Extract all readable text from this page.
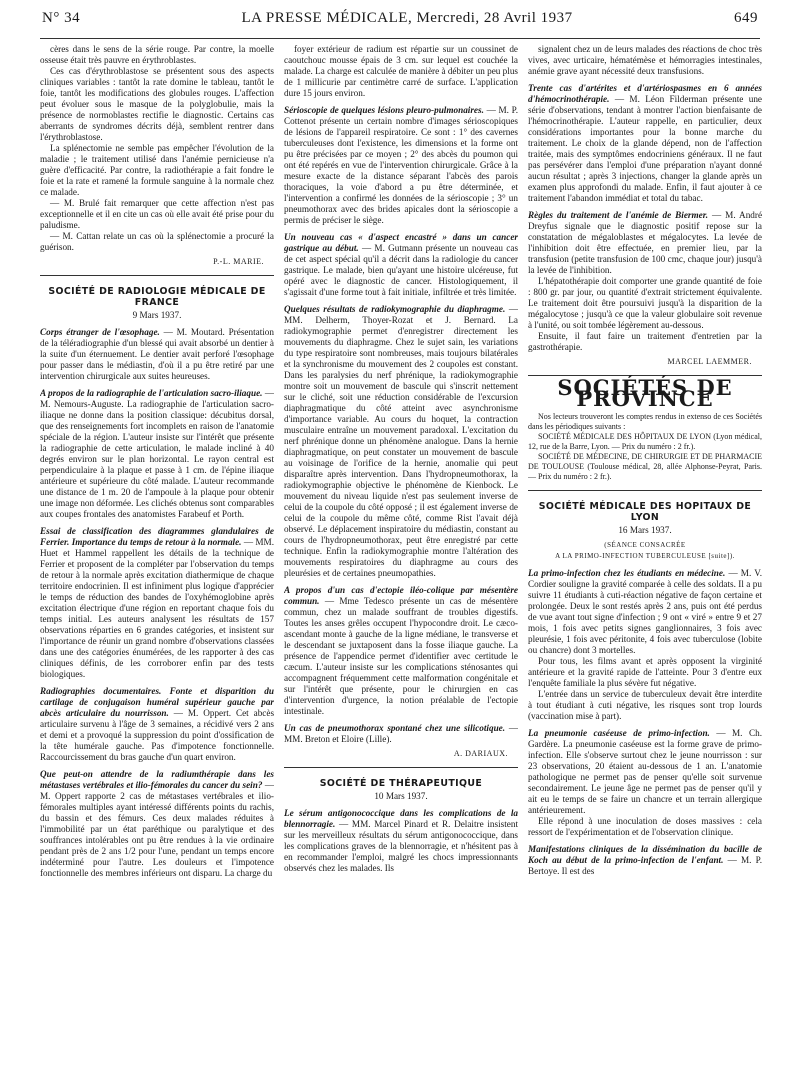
N° 34	LA PRESSE MÉDICALE, Mercredi, 28 Avril 1937	649

cères dans le sens de la série rouge. Par contre, la moelle osseuse était très pauvre en érythroblastes.

Ces cas d'érythroblastose se présentent sous des aspects cliniques variables : tantôt la rate domine le tableau, tantôt le foie, tantôt les modifications des globules rouges. L'affection peut évoluer sous le masque de la polyglobulie, mais la présence de normoblastes rectifie le diagnostic. Certains cas aberrants de syndromes décrits déjà, semblent rentrer dans l'érythroblastose.

La splénectomie ne semble pas empêcher l'évolution de la maladie ; le traitement utilisé dans l'anémie pernicieuse n'a guère d'efficacité. Par contre, la radiothérapie a fait fondre le foie et la rate et ramené la formule sanguine à la normale chez ce malade.

— M. Brulé fait remarquer que cette affection n'est pas exceptionnelle et il en cite un cas où elle avait été prise pour du paludisme.

— M. Cattan relate un cas où la splénectomie a procuré la guérison.

P.-L. MARIE.
SOCIÉTÉ DE RADIOLOGIE MÉDICALE DE FRANCE
9 Mars 1937.

Corps étranger de l'œsophage. — M. Moutard. Présentation de la téléradiographie d'un blessé qui avait absorbé un dentier à la suite d'un éternuement. Le dentier avait perforé l'œsophage pour passer dans le médiastin, d'où il a pu être retiré par une intervention chirurgicale aux suites heureuses.

A propos de la radiographie de l'articulation sacro-iliaque. — M. Nemours-Auguste. La radiographie de l'articulation sacro-iliaque ne donne dans la position classique: décubitus dorsal, que des renseignements fort incomplets en raison de l'anatomie spéciale de la région. L'auteur insiste sur l'intérêt que présente la radiographie de cette articulation, le malade incliné à 40 degrés environ sur le plan horizontal. Le rayon central est perpendiculaire à la plaque et passe à 1 cm. de l'épine iliaque antérieure et supérieure du côté malade. L'auteur recommande une distance de 1 m. 20 de l'ampoule à la plaque pour obtenir une image non déformée. Les clichés obtenus sont comparables aux coupes frontales des anatomistes Farabeuf et Porth.

Essai de classification des diagrammes glandulaires de Ferrier. Importance du temps de retour à la normale. — MM. Huet et Hammel rappellent les détails de la technique de Ferrier et proposent de la compléter par l'observation du temps de retour à la normale après excitation diathermique de chaque territoire endocrinien. Il est infiniment plus logique d'apprécier le temps de réduction des bandes de l'oxyhémoglobine après excitation électrique d'une région en reportant chaque fois du temps initial. Les auteurs analysent les résultats de 157 observations réparties en 6 grandes catégories, et insistent sur l'importance de réunir un grand nombre d'observations classées dans une des catégories énumérées, de les rapporter à des cas cliniques définis, de les corroborer enfin par des tests biologiques.

Radiographies documentaires. Fonte et disparition du cartilage de conjugaison huméral supérieur gauche par abcès articulaire du nourrisson. — M. Oppert. Cet abcès articulaire survenu à l'âge de 3 semaines, a récidivé vers 2 ans et demi et a provoqué la suppression du point d'ossification de la tête humérale gauche. Pas d'impotence fonctionnelle. Raccourcissement du bras gauche d'un quart environ.

Que peut-on attendre de la radiumthérapie dans les métastases vertébrales et ilio-fémorales du cancer du sein? — M. Oppert rapporte 2 cas de métastases vertébrales et ilio-fémorales multiples ayant intéressé différents points du rachis, du bassin et des fémurs. Ces deux malades réduites à l'immobilité par un état paréthique ou paralytique et des souffrances intolérables ont pu être rendues à la vie ordinaire pendant près de 2 ans 1/2 pour l'une, pendant un temps encore indéterminé pour l'autre. Les douleurs et l'impotence fonctionnelle des membres inférieurs ont disparu. La charge du

foyer extérieur de radium est répartie sur un coussinet de caoutchouc mousse épais de 3 cm. sur lequel est couchée la malade. La charge est calculée de manière à débiter un peu plus de 1 millicurie par centimètre carré de surface. L'application dure 15 jours environ.

Sérioscopie de quelques lésions pleuro-pulmonaires. — M. P. Cottenot présente un certain nombre d'images sérioscopiques de lésions de l'appareil respiratoire. Ce sont : 1° des cavernes tuberculeuses dont l'existence, les dimensions et la forme ont pu être précisées par ce moyen ; 2° des abcès du poumon qui ont été repérés en vue de l'intervention chirurgicale. Grâce à la mesure exacte de la distance séparant l'abcès des parois thoraciques, la voie d'abord a pu être déterminée, et l'intervention a confirmé les données de la sérioscopie ; 3° un pneumothorax avec des brides apicales dont la sérioscopie a permis de préciser le siège.

Un nouveau cas « d'aspect encastré » dans un cancer gastrique au début. — M. Gutmann présente un nouveau cas de cet aspect spécial qu'il a décrit dans la radiologie du cancer gastrique. Le malade, bien qu'ayant une histoire ulcéreuse, fut opéré avec le diagnostic de cancer. Histologiquement, il s'agissait d'une forme tout à fait initiale, infiltrée et très limitée.

Quelques résultats de radiokymographie du diaphragme. — MM. Delherm, Thoyer-Rozat et J. Bernard. La radiokymographie permet d'enregistrer directement les mouvements du diaphragme. Chez le sujet sain, les variations du type respiratoire sont nombreuses, mais toujours bilatérales et la synchronisme du mouvement des 2 coupoles est constant. Dans les paralysies du nerf phrénique, la radiokymographie montre soit un mouvement de bascule qui s'inscrit nettement sur le cliché, soit une réduction considérable de l'excursion diaphragmatique du côté atteint avec asynchronisme d'importance variable. Au cours du hoquet, la contraction musculaire entraîne un mouvement paradoxal. L'excitation du nerf phrénique donne un phénomène analogue. Dans la hernie diaphragmatique, on peut constater un mouvement de bascule au voisinage de l'orifice de la hernie, anomalie qui peut disparaître après intervention. Dans l'hydropneumothorax, la radiokymographie objective le phénomène de Kienbock. Le mouvement du niveau liquide n'est pas seulement inverse de celui de la coupole du côté opposé ; il est également inverse de celui de la coupole du même côté, comme Rist l'avait déjà observé. Le déplacement inspiratoire du médiastin, constant au cours de l'hydropneumothorax, peut être enregistré par cette technique. Enfin la radiokymographie montre l'altération des mouvements respiratoires du diaphragme au cours des pleurésies et de certaines pneumopathies.

A propos d'un cas d'ectopie iléo-colique par mésentère commun. — Mme Tedesco présente un cas de mésentère commun, chez un malade souffrant de troubles digestifs. Toutes les anses grêles occupent l'hypocondre droit. Le cæco-ascendant monte à gauche de la ligne médiane, le transverse et le descendant se juxtaposent dans la fosse iliaque gauche. La présence de l'appendice permet d'identifier avec certitude le cæcum. L'auteur insiste sur les complications sténosantes qui accompagnent fréquemment cette malformation congénitale et sur l'intérêt que présente, pour le chirurgien en cas d'intervention d'urgence, la notion préalable de l'ectopie intestinale.

Un cas de pneumothorax spontané chez une silicotique. — MM. Breton et Eloire (Lille).

A. DARIAUX.
SOCIÉTÉ DE THÉRAPEUTIQUE
10 Mars 1937.

Le sérum antigonococcique dans les complications de la blennorragie. — MM. Marcel Pinard et R. Delaitre insistent sur les merveilleux résultats du sérum antigonococcique, dans les complications graves de la blennorragie, et n'hésitent pas à en recommander l'emploi, malgré les chocs impressionnants observés chez les malades. Ils

signalent chez un de leurs malades des réactions de choc très vives, avec urticaire, hématémèse et hémorragies intestinales, anémie grave ayant nécessité deux transfusions.

Trente cas d'artérites et d'artériospasmes en 6 années d'hémocrinothérapie. — M. Léon Filderman présente une série d'observations, tendant à montrer l'action bienfaisante de l'hémocrinothérapie. L'auteur rappelle, en particulier, deux considérations importantes pour la bonne marche du traitement. Le choix de la glande dépend, non de l'affection traitée, mais des symptômes endocriniens généraux. Il ne faut pas persévérer dans l'emploi d'une préparation n'ayant donné aucun résultat ; après 3 injections, changer la glande après un examen plus approfondi du malade. Enfin, il faut ajouter à ce traitement l'abandon immédiat et total du tabac.

Règles du traitement de l'anémie de Biermer. — M. André Dreyfus signale que le diagnostic positif repose sur la constatation de mégaloblastes et mégalocytes. La levée de l'inhibition doit être effectuée, en premier lieu, par la transfusion (petite transfusion de 100 cmc, chaque jour) jusqu'à la levée de l'inhibition.

L'hépatothérapie doit comporter une grande quantité de foie : 800 gr. par jour, ou quantité d'extrait strictement équivalente. Le traitement doit être poursuivi jusqu'à la disparition de la mégalocytose ; jusqu'à ce que la valeur globulaire soit revenue à l'unité, ou soit tombée légèrement au-dessous.

Ensuite, il faut faire un traitement d'entretien par la gastrothérapie.

MARCEL LAEMMER.
SOCIÉTÉS DE PROVINCE

Nos lecteurs trouveront les comptes rendus in extenso de ces Sociétés dans les périodiques suivants :

SOCIÉTÉ MÉDICALE DES HÔPITAUX DE LYON (Lyon médical, 12, rue de la Barre, Lyon. — Prix du numéro : 2 fr.).

SOCIÉTÉ DE MÉDECINE, DE CHIRURGIE ET DE PHARMACIE DE TOULOUSE (Toulouse médical, 28, allée Alphonse-Peyrat, Paris. — Prix du numéro : 2 fr.).

SOCIÉTÉ MÉDICALE DES HOPITAUX DE LYON
16 Mars 1937.
(SÉANCE CONSACRÉE
A LA PRIMO-INFECTION TUBERCULEUSE [suite]).

La primo-infection chez les étudiants en médecine. — M. V. Cordier souligne la gravité comparée à celle des soldats. Il a pu suivre 11 étudiants à cuti-réaction négative de façon certaine et prolongée. Deux le sont restés après 2 ans, puis ont été perdus de vue avant tout signe d'infection ; 9 ont « viré » entre 9 et 27 mois, 1 fois avec petits signes ganglionnaires, 3 fois avec pleurésie, 1 fois avec péritonite, 4 fois avec tuberculose (lobite ou chancre) dont 3 mortelles.

Pour tous, les films avant et après opposent la virginité antérieure et la gravité rapide de l'atteinte. Pour 3 d'entre eux l'enquête familiale la plus sévère fut négative.

L'entrée dans un service de tuberculeux devait être interdite à tout étudiant à cuti négative, les risques sont trop lourds (vaccination mise à part).

La pneumonie caséeuse de primo-infection. — M. Ch. Gardère. La pneumonie caséeuse est la forme grave de primo-infection. Elle s'observe surtout chez le jeune nourrisson : sur 23 observations, 20 étaient au-dessous de 1 an. L'anatomie pathologique ne permet pas de penser qu'elle soit survenue secondairement. Le jeune âge ne permet pas de penser qu'il y ait eu le temps de se faire un chancre et un terrain allergique antérieurement.

Elle répond à une inoculation de doses massives : cela ressort de l'expérimentation et de l'observation clinique.

Manifestations cliniques de la dissémination du bacille de Koch au début de la primo-infection de l'enfant. — M. P. Bertoye. Il est des
